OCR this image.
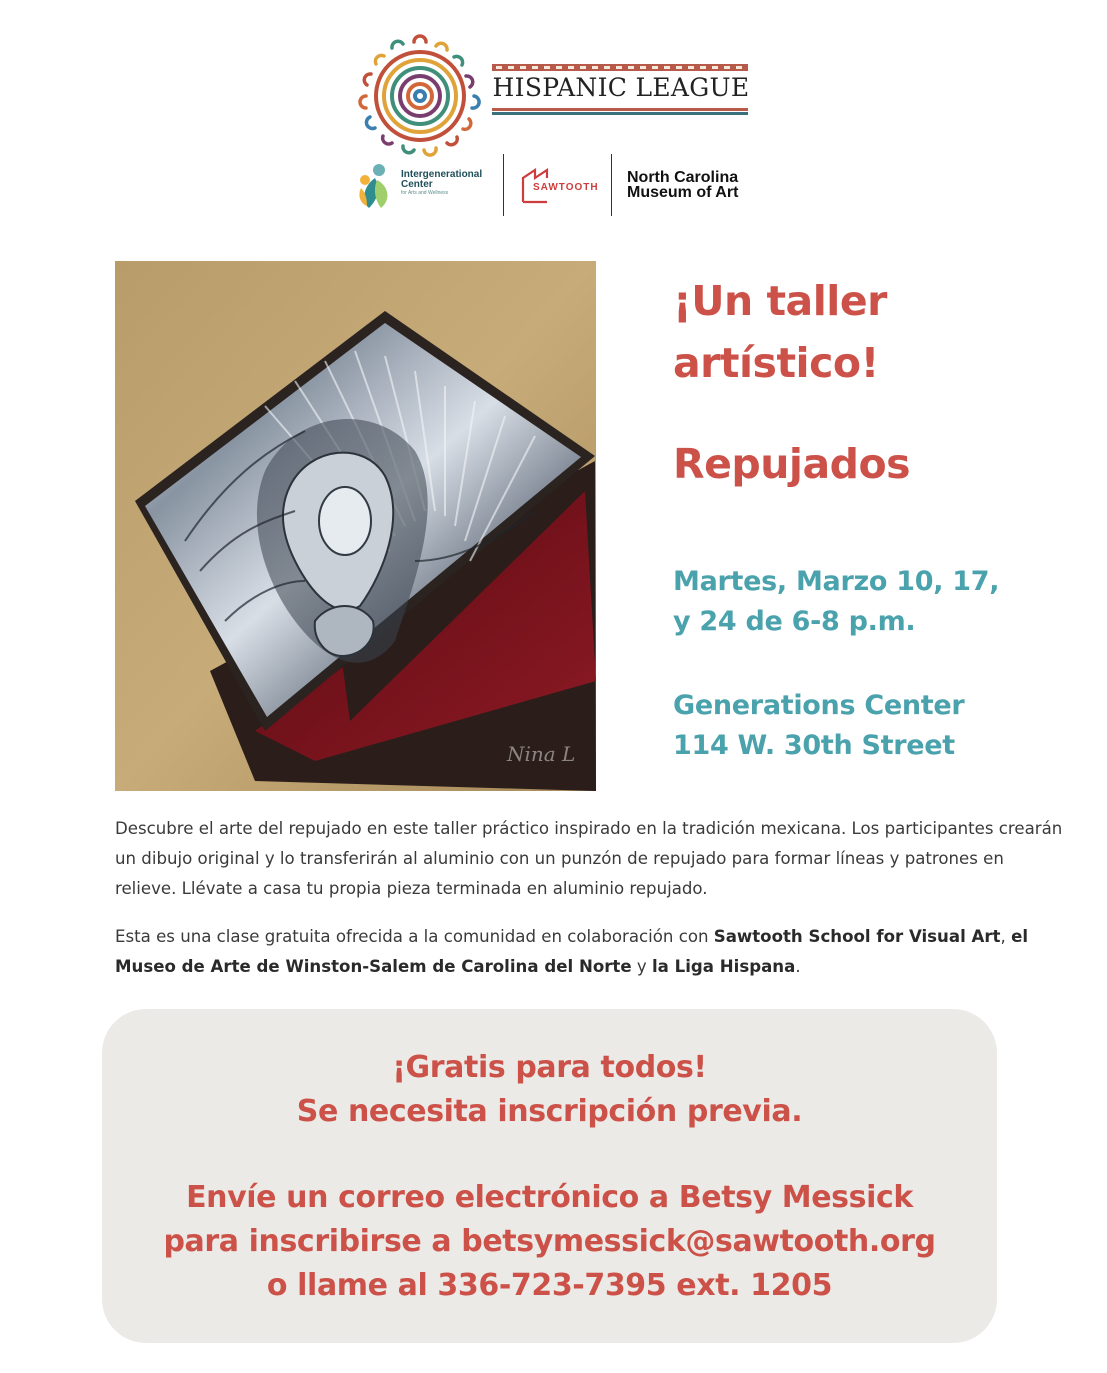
HISPANIC LEAGUE
Intergenerational
Center
for Arts and Wellness	SAWTOOTH
North Carolina
Museum of Art
Nina L
¡Un taller
artístico!
Repujados
Martes, Marzo 10, 17,
y 24 de 6-8 p.m.
Generations Center
114 W. 30th Street
Descubre el arte del repujado en este taller práctico inspirado en la tradición mexicana. Los participantes crearán un dibujo original y lo transferirán al aluminio con un punzón de repujado para formar líneas y patrones en relieve. Llévate a casa tu propia pieza terminada en aluminio repujado.
Esta es una clase gratuita ofrecida a la comunidad en colaboración con Sawtooth School for Visual Art, el Museo de Arte de Winston-Salem de Carolina del Norte y la Liga Hispana.
¡Gratis para todos!
Se necesita inscripción previa.
Envíe un correo electrónico a Betsy Messick
para inscribirse a betsymessick@sawtooth.org
o llame al 336-723-7395 ext. 1205
